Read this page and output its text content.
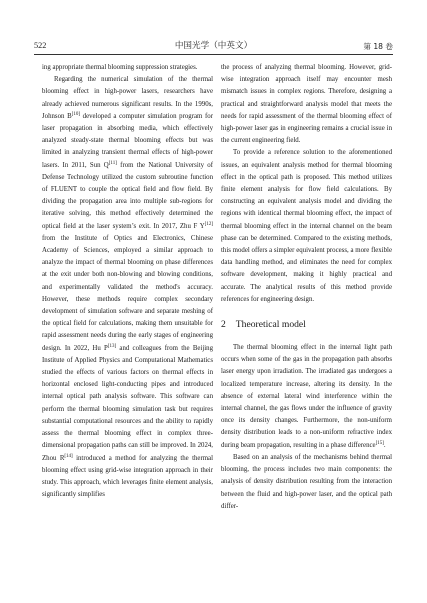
522	中国光学（中英文）	第 18 卷

ing appropriate thermal blooming suppression strategies.

Regarding the numerical simulation of the thermal blooming effect in high-power lasers, researchers have already achieved numerous significant results. In the 1990s, Johnson B[10] developed a computer simulation program for laser propagation in absorbing media, which effectively analyzed steady-state thermal blooming effects but was limited in analyzing transient thermal effects of high-power lasers. In 2011, Sun Q[11] from the National University of Defense Technology utilized the custom subroutine function of FLUENT to couple the optical field and flow field. By dividing the propagation area into multiple sub-regions for iterative solving, this method effectively determined the optical field at the laser system’s exit. In 2017, Zhu F Y[12] from the Institute of Optics and Electronics, Chinese Academy of Sciences, employed a similar approach to analyze the impact of thermal blooming on phase differences at the exit under both non-blowing and blowing conditions, and experimentally validated the method's accuracy. However, these methods require complex secondary development of simulation software and separate meshing of the optical field for calculations, making them unsuitable for rapid assessment needs during the early stages of engineering design. In 2022, Hu P[13] and colleagues from the Beijing Institute of Applied Physics and Computational Mathematics studied the effects of various factors on thermal effects in horizontal enclosed light-conducting pipes and introduced internal optical path analysis software. This software can perform the thermal blooming simulation task but requires substantial computational resources and the ability to rapidly assess the thermal blooming effect in complex three-dimensional propagation paths can still be improved. In 2024, Zhou R[14] introduced a method for analyzing the thermal blooming effect using grid-wise integration approach in their study. This approach, which leverages finite element analysis, significantly simplifies

the process of analyzing thermal blooming. However, grid-wise integration approach itself may encounter mesh mismatch issues in complex regions. Therefore, designing a practical and straightforward analysis model that meets the needs for rapid assessment of the thermal blooming effect of high-power laser gas in engineering remains a crucial issue in the current engineering field.

To provide a reference solution to the aforementioned issues, an equivalent analysis method for thermal blooming effect in the optical path is proposed. This method utilizes finite element analysis for flow field calculations. By constructing an equivalent analysis model and dividing the regions with identical thermal blooming effect, the impact of thermal blooming effect in the internal channel on the beam phase can be determined. Compared to the existing methods, this model offers a simpler equivalent process, a more flexible data handling method, and eliminates the need for complex software development, making it highly practical and accurate. The analytical results of this method provide references for engineering design.

2 Theoretical model

The thermal blooming effect in the internal light path occurs when some of the gas in the propagation path absorbs laser energy upon irradiation. The irradiated gas undergoes a localized temperature increase, altering its density. In the absence of external lateral wind interference within the internal channel, the gas flows under the influence of gravity once its density changes. Furthermore, the non-uniform density distribution leads to a non-uniform refractive index during beam propagation, resulting in a phase difference[15].

Based on an analysis of the mechanisms behind thermal blooming, the process includes two main components: the analysis of density distribution resulting from the interaction between the fluid and high-power laser, and the optical path differ-
